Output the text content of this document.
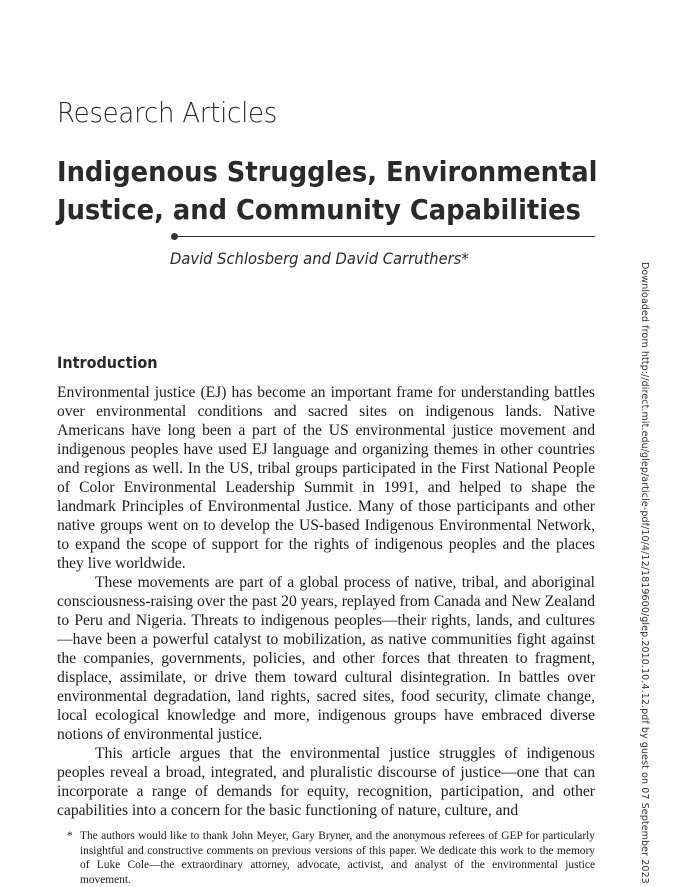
Research Articles
Indigenous Struggles, Environmental
Justice, and Community Capabilities
David Schlosberg and David Carruthers*
Introduction

Environmental justice (EJ) has become an important frame for understanding battles over environmental conditions and sacred sites on indigenous lands. Native Americans have long been a part of the US environmental justice movement and indigenous peoples have used EJ language and organizing themes in other countries and regions as well. In the US, tribal groups participated in the First National People of Color Environmental Leadership Summit in 1991, and helped to shape the landmark Principles of Environmental Justice. Many of those participants and other native groups went on to develop the US-based Indigenous Environmental Network, to expand the scope of support for the rights of indigenous peoples and the places they live worldwide.

These movements are part of a global process of native, tribal, and aboriginal consciousness-raising over the past 20 years, replayed from Canada and New Zealand to Peru and Nigeria. Threats to indigenous peoples—their rights, lands, and cultures—have been a powerful catalyst to mobilization, as native communities fight against the companies, governments, policies, and other forces that threaten to fragment, displace, assimilate, or drive them toward cultural disintegration. In battles over environmental degradation, land rights, sacred sites, food security, climate change, local ecological knowledge and more, indigenous groups have embraced diverse notions of environmental justice.

This article argues that the environmental justice struggles of indigenous peoples reveal a broad, integrated, and pluralistic discourse of justice—one that can incorporate a range of demands for equity, recognition, participation, and other capabilities into a concern for the basic functioning of nature, culture, and

* The authors would like to thank John Meyer, Gary Bryner, and the anonymous referees of GEP for particularly insightful and constructive comments on previous versions of this paper. We dedicate this work to the memory of Luke Cole—the extraordinary attorney, advocate, activist, and analyst of the environmental justice movement.	Downloaded from http://direct.mit.edu/glep/article-pdf/10/4/12/1819600/glep.2010.10.4.12.pdf by guest on 07 September 2023
